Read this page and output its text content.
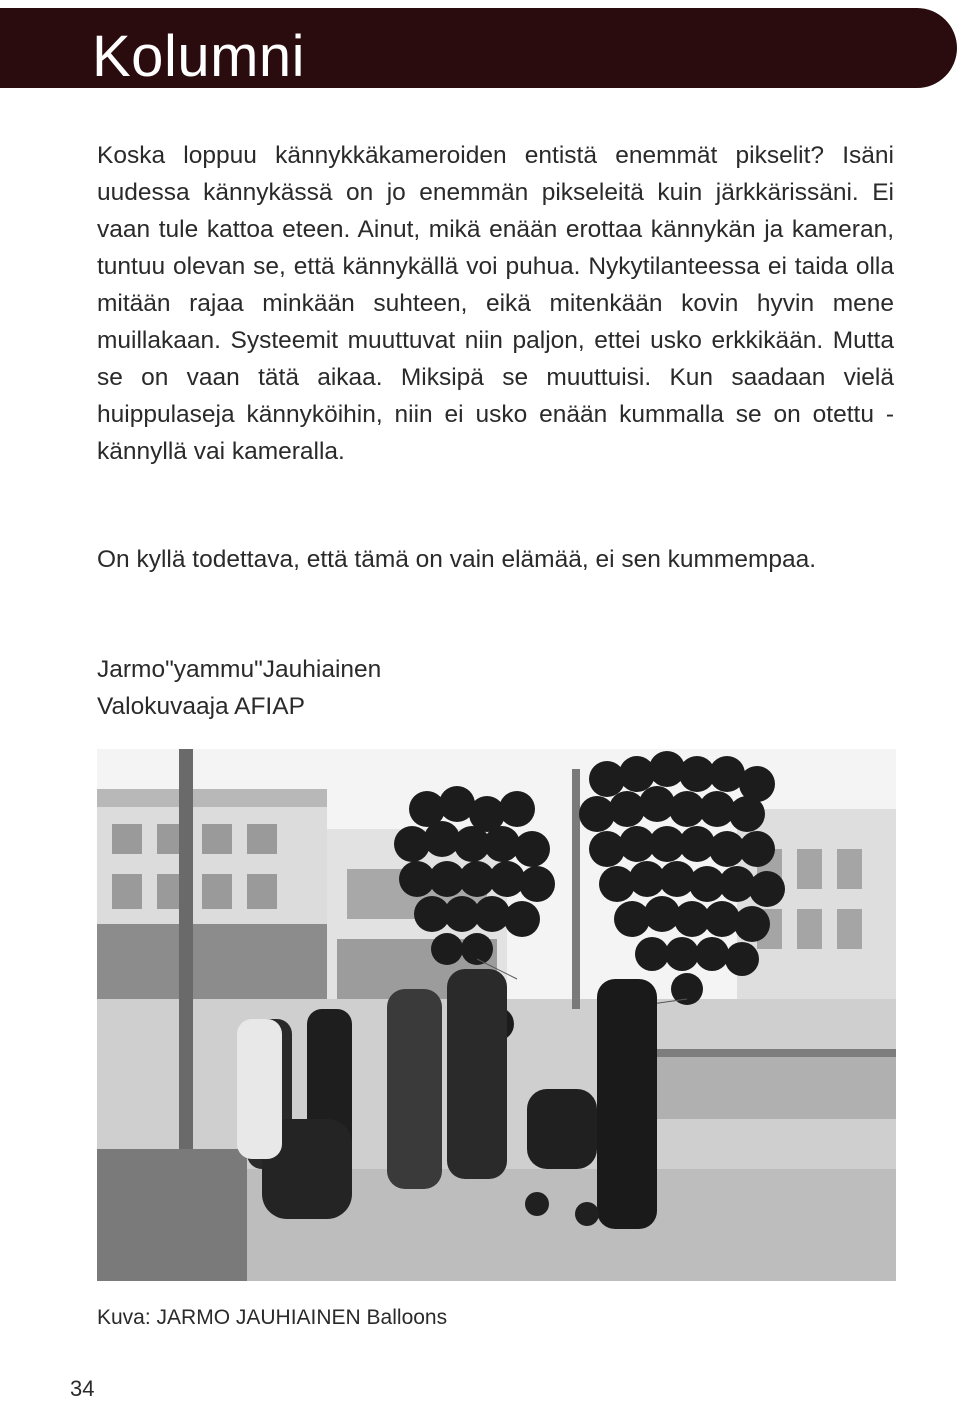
Kolumni

Koska loppuu kännykkäkameroiden entistä enemmät pikselit? Isäni uudessa kännykässä on jo enemmän pikseleitä kuin järkkärissäni. Ei vaan tule kattoa eteen. Ainut, mikä enään erottaa kännykän ja kameran, tuntuu olevan se, että kännykällä voi puhua. Nykytilanteessa ei taida olla mitään rajaa minkään suhteen, eikä mitenkään kovin hyvin mene muillakaan. Systeemit muuttuvat niin paljon, ettei usko erkkikään. Mutta se on vaan tätä aikaa. Miksipä se muuttuisi. Kun saadaan vielä huippulaseja kännyköihin, niin ei usko enään kummalla se on otettu - kännyllä vai kameralla.

On kyllä todettava, että tämä on vain elämää, ei sen kummempaa.

Jarmo"yammu"Jauhiainen
Valokuvaaja AFIAP
Kuva: JARMO JAUHIAINEN Balloons
34
